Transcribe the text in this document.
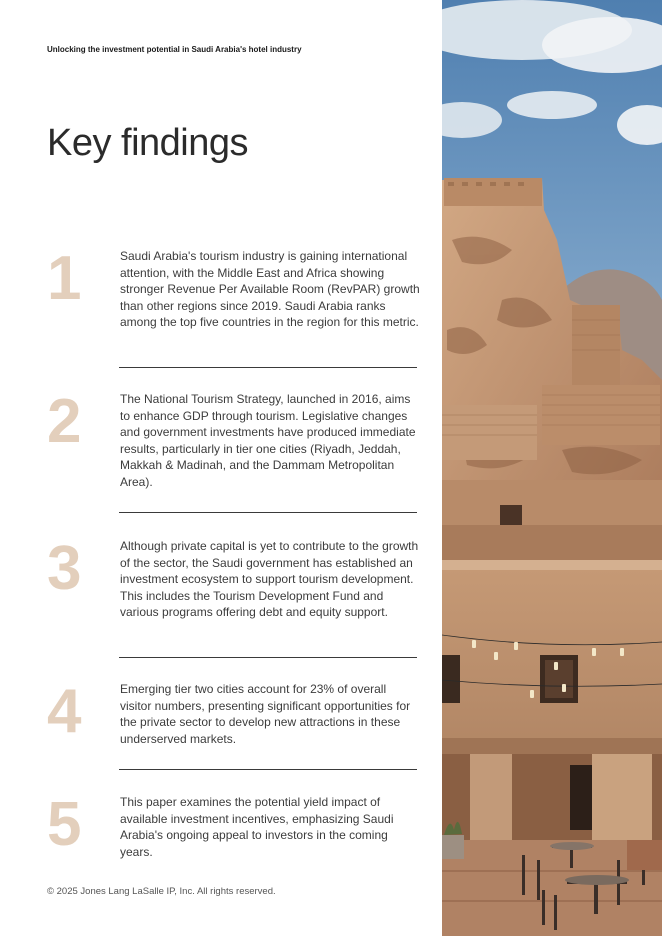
Unlocking the investment potential in Saudi Arabia's hotel industry
Key findings
1	Saudi Arabia's tourism industry is gaining international attention, with the Middle East and Africa showing stronger Revenue Per Available Room (RevPAR) growth than other regions since 2019. Saudi Arabia ranks among the top five countries in the region for this metric.

2	The National Tourism Strategy, launched in 2016, aims to enhance GDP through tourism. Legislative changes and government investments have produced immediate results, particularly in tier one cities (Riyadh, Jeddah, Makkah & Madinah, and the Dammam Metropolitan Area).

3	Although private capital is yet to contribute to the growth of the sector, the Saudi government has established an investment ecosystem to support tourism development. This includes the Tourism Development Fund and various programs offering debt and equity support.

4	Emerging tier two cities account for 23% of overall visitor numbers, presenting significant opportunities for the private sector to develop new attractions in these underserved markets.

5	This paper examines the potential yield impact of available investment incentives, emphasizing Saudi Arabia's ongoing appeal to investors in the coming years.

© 2025 Jones Lang LaSalle IP, Inc. All rights reserved.
